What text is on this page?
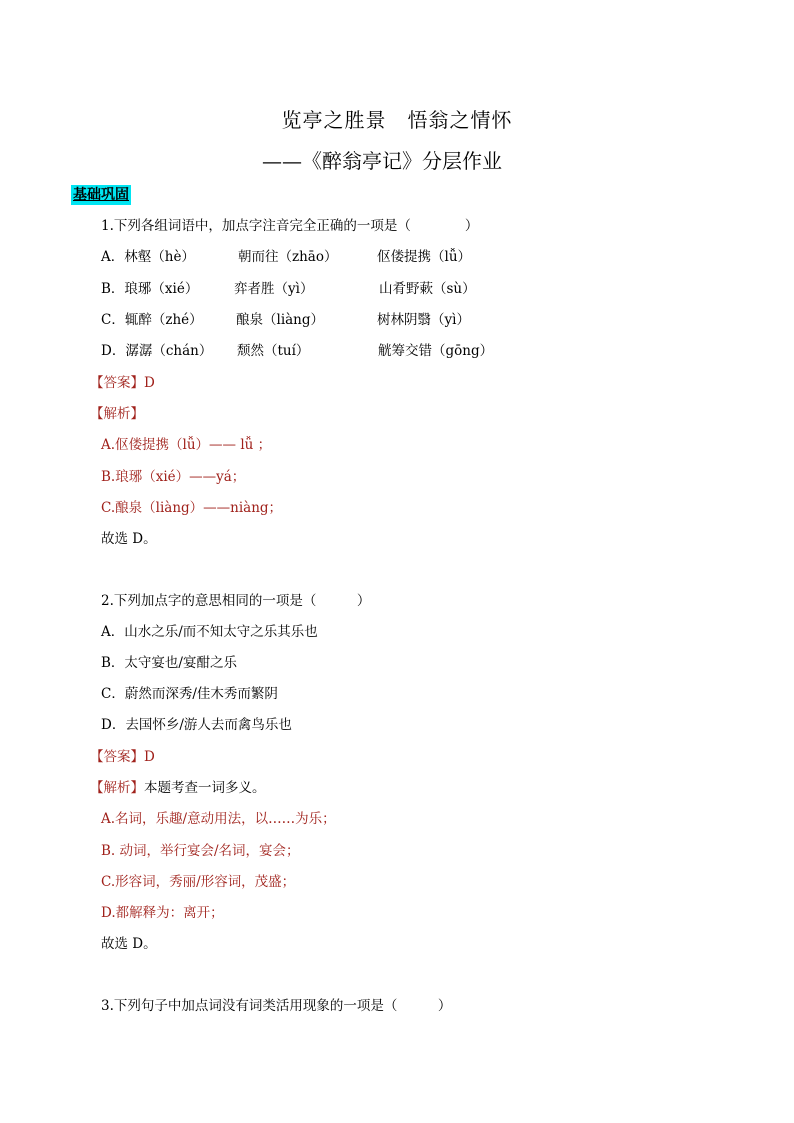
览亭之胜景　悟翁之情怀
——《醉翁亭记》分层作业
基础巩固
1.下列各组词语中，加点字注音完全正确的一项是（　　　　）
A．林壑（hè）	朝而往（zhāo）	伛偻提携（lǚ）
B．琅琊（xié）	弈者胜（yì）	山肴野蔌（sù）
C．辄醉（zhé） 酿泉（liàng）	树林阴翳（yì）
D．潺潺（chán） 颓然（tuí）	觥筹交错（gōng）
【答案】D
【解析】
A.伛偻提携（lǚ）—— lǚ ；
B.琅琊（xié）——yá；
C.酿泉（liàng）——niàng；
故选 D。
2.下列加点字的意思相同的一项是（　　　）
A．山水之乐/而不知太守之乐其乐也
B．太守宴也/宴酣之乐
C．蔚然而深秀/佳木秀而繁阴
D．去国怀乡/游人去而禽鸟乐也
【答案】D
【解析】本题考查一词多义。
A.名词，乐趣/意动用法，以……为乐；
B. 动词，举行宴会/名词，宴会；
C.形容词，秀丽/形容词，茂盛；
D.都解释为：离开；
故选 D。
3.下列句子中加点词没有词类活用现象的一项是（　　　）
